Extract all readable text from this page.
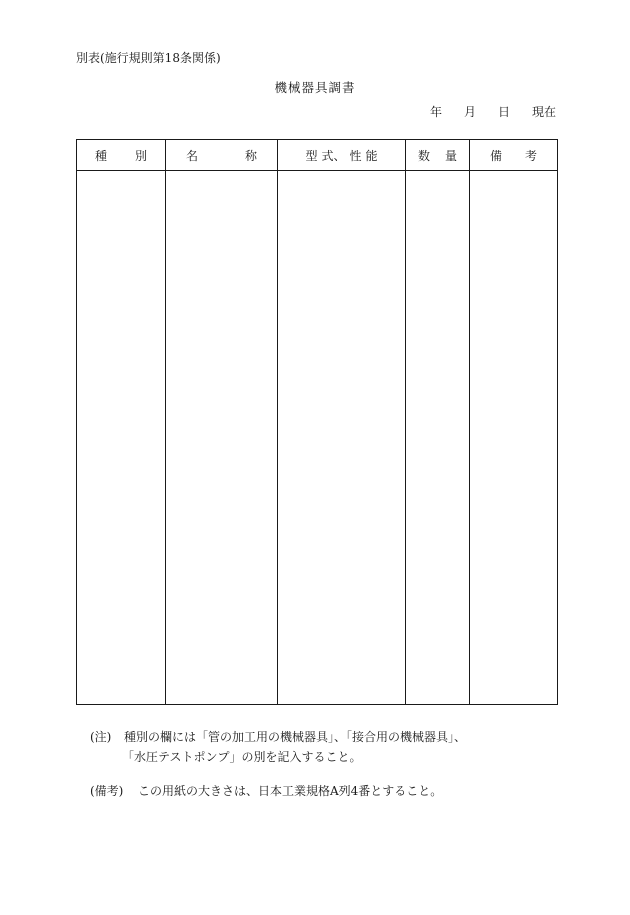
別表(施行規則第18条関係)
機械器具調書
年 月 日 現在
種 別	名 称	型 式、 性 能	数 量	備 考

(注)	種別の欄には「管の加工用の機械器具」、「接合用の機械器具」、
「水圧テストポンプ」の別を記入すること。
(備考)	この用紙の大きさは、日本工業規格A列4番とすること。
